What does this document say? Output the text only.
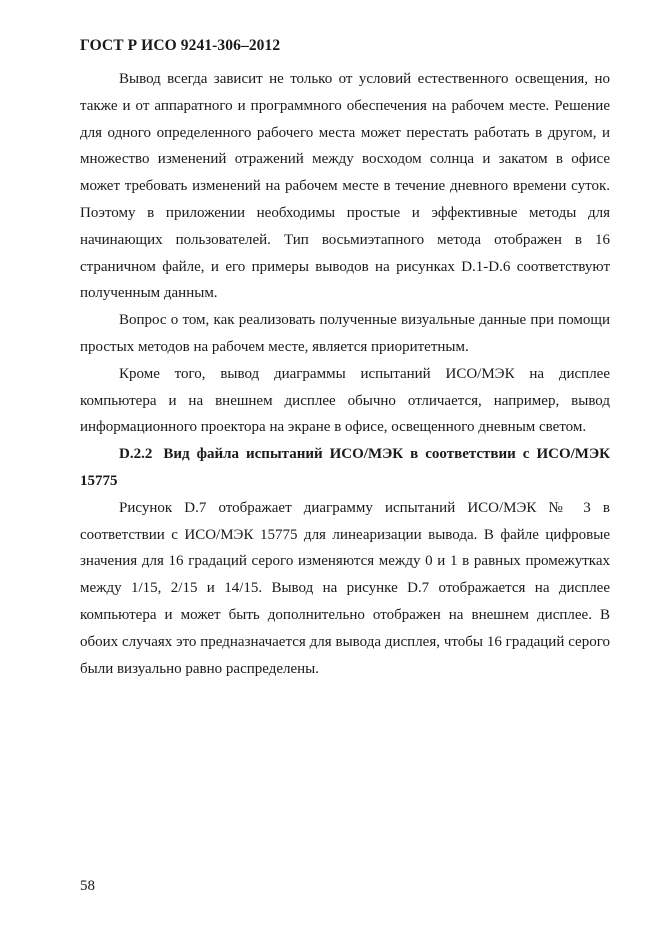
ГОСТ Р ИСО 9241-306–2012

Вывод всегда зависит не только от условий естественного освещения, но также и от аппаратного и программного обеспечения на рабочем месте. Решение для одного определенного рабочего места может перестать работать в другом, и множество изменений отражений между восходом солнца и закатом в офисе может требовать изменений на рабочем месте в течение дневного времени суток. Поэтому в приложении необходимы простые и эффективные методы для начинающих пользователей. Тип восьмиэтапного метода отображен в 16 страничном файле, и его примеры выводов на рисунках D.1-D.6 соответствуют полученным данным.

Вопрос о том, как реализовать полученные визуальные данные при помощи простых методов на рабочем месте, является приоритетным.

Кроме того, вывод диаграммы испытаний ИСО/МЭК на дисплее компьютера и на внешнем дисплее обычно отличается, например, вывод информационного проектора на экране в офисе, освещенного дневным светом.

D.2.2 Вид файла испытаний ИСО/МЭК в соответствии с ИСО/МЭК 15775

Рисунок D.7 отображает диаграмму испытаний ИСО/МЭК № 3 в соответствии с ИСО/МЭК 15775 для линеаризации вывода. В файле цифровые значения для 16 градаций серого изменяются между 0 и 1 в равных промежутках между 1/15, 2/15 и 14/15. Вывод на рисунке D.7 отображается на дисплее компьютера и может быть дополнительно отображен на внешнем дисплее. В обоих случаях это предназначается для вывода дисплея, чтобы 16 градаций серого были визуально равно распределены.

58
